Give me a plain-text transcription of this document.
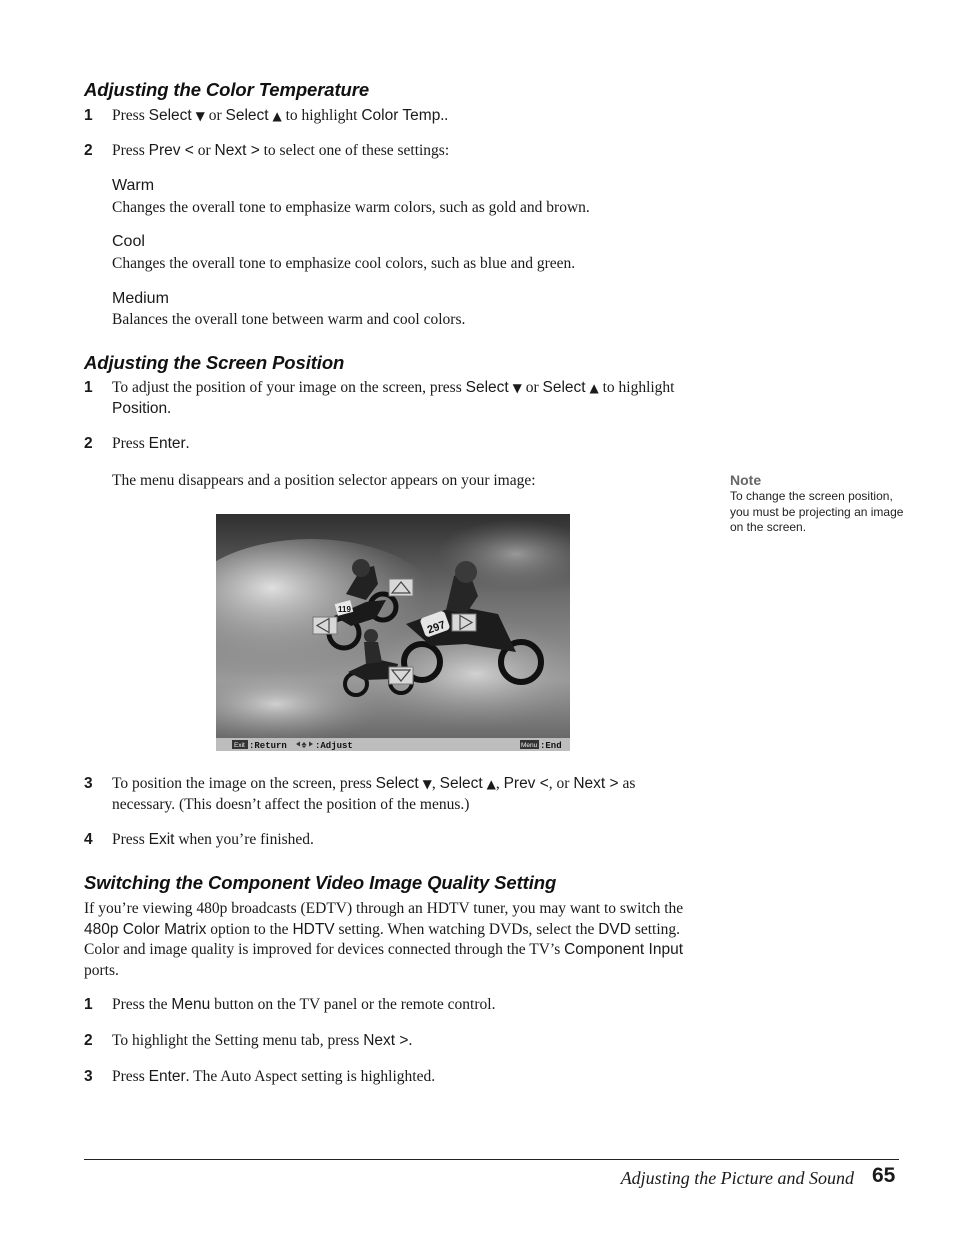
Adjusting the Color Temperature
1 Press Select ▼ or Select ▲ to highlight Color Temp..
2 Press Prev < or Next > to select one of these settings:
Warm
Changes the overall tone to emphasize warm colors, such as gold and brown.
Cool
Changes the overall tone to emphasize cool colors, such as blue and green.
Medium
Balances the overall tone between warm and cool colors.
Adjusting the Screen Position
1 To adjust the position of your image on the screen, press Select ▼ or Select ▲ to highlight Position.
2 Press Enter.
The menu disappears and a position selector appears on your image:	Note
To change the screen position, you must be projecting an image on the screen.
119
297
Exit :Return	:Adjust	Menu :End
3 To position the image on the screen, press Select ▼, Select ▲, Prev <, or Next > as necessary. (This doesn’t affect the position of the menus.)
4 Press Exit when you’re finished.
Switching the Component Video Image Quality Setting
If you’re viewing 480p broadcasts (EDTV) through an HDTV tuner, you may want to switch the 480p Color Matrix option to the HDTV setting. When watching DVDs, select the DVD setting. Color and image quality is improved for devices connected through the TV’s Component Input ports.
1 Press the Menu button on the TV panel or the remote control.
2 To highlight the Setting menu tab, press Next >.
3 Press Enter. The Auto Aspect setting is highlighted.
Adjusting the Picture and Sound 65
